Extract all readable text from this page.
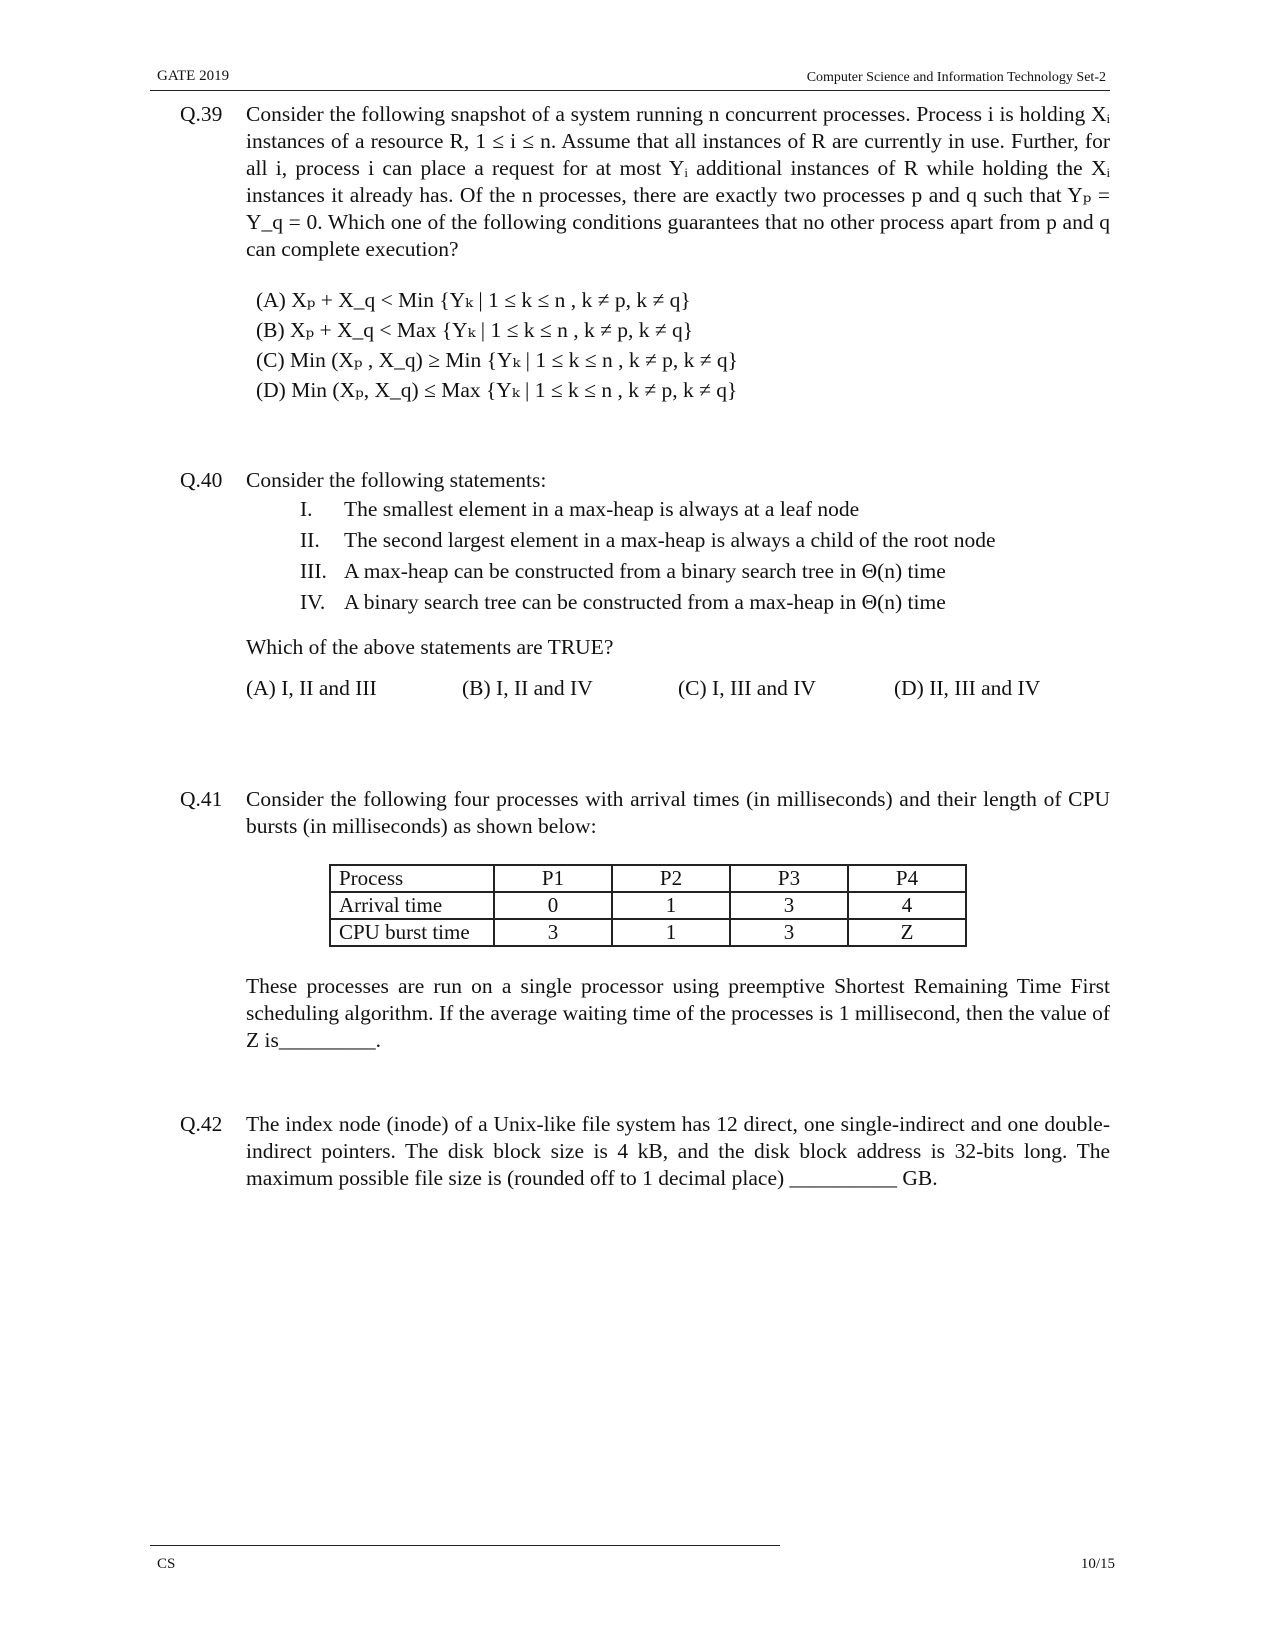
GATE 2019	Computer Science and Information Technology Set-2
Q.39 Consider the following snapshot of a system running n concurrent processes. Process i is holding Xᵢ instances of a resource R, 1 ≤ i ≤ n. Assume that all instances of R are currently in use. Further, for all i, process i can place a request for at most Yᵢ additional instances of R while holding the Xᵢ instances it already has. Of the n processes, there are exactly two processes p and q such that Yₚ = Y_q = 0. Which one of the following conditions guarantees that no other process apart from p and q can complete execution?
(A) Xₚ + X_q < Min {Yₖ | 1 ≤ k ≤ n , k ≠ p, k ≠ q}
(B) Xₚ + X_q < Max {Yₖ | 1 ≤ k ≤ n , k ≠ p, k ≠ q}
(C) Min (Xₚ , X_q) ≥ Min {Yₖ | 1 ≤ k ≤ n , k ≠ p, k ≠ q}
(D) Min (Xₚ, X_q) ≤ Max {Yₖ | 1 ≤ k ≤ n , k ≠ p, k ≠ q}
Q.40 Consider the following statements:
I.	The smallest element in a max-heap is always at a leaf node
II.	The second largest element in a max-heap is always a child of the root node
III. A max-heap can be constructed from a binary search tree in Θ(n) time
IV. A binary search tree can be constructed from a max-heap in Θ(n) time
Which of the above statements are TRUE?
(A) I, II and III	(B) I, II and IV	(C) I, III and IV	(D) II, III and IV
Q.41 Consider the following four processes with arrival times (in milliseconds) and their length of CPU bursts (in milliseconds) as shown below:
Process	P1	P2	P3	P4
Arrival time	0	1	3	4
CPU burst time	3	1	3	Z
These processes are run on a single processor using preemptive Shortest Remaining Time First scheduling algorithm. If the average waiting time of the processes is 1 millisecond, then the value of Z is_________.
Q.42 The index node (inode) of a Unix-like file system has 12 direct, one single-indirect and one double-indirect pointers. The disk block size is 4 kB, and the disk block address is 32-bits long. The maximum possible file size is (rounded off to 1 decimal place) __________ GB.
CS	10/15
